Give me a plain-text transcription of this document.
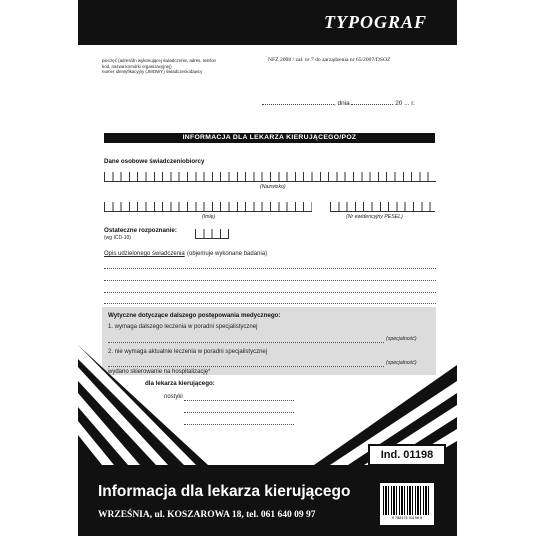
TYPOGRAF
pieczęć (adres/dn wykonującej świadczenie, adres, telefon
kod, nazwa komórki organizacyjnej)
numer identyfikacyjny (JMOWY) świadczeniodawcy
NFZ 2008 / zał. nr 7 do zarządzenia nr 65/2007/DSOZ
, dnia	20 ... r.
INFORMACJA DLA LEKARZA KIERUJĄCEGO/POZ
Dane osobowe świadczeniobiorcy
(Nazwisko)
(Imię)	(Nr ewidencyjny PESEL)
Ostateczne rozpoznanie:
(wg ICD-10)
Opis udzielonego świadczenia (objemuje wykonane badania)
Wytyczne dotyczące dalszego postępowania medycznego:
1. wymaga dalszego leczenia w poradni specjalistycznej
(specjalność)
2. nie wymaga aktualnie leczenia w poradni specjalistycznej
(specjalność)
wydano skierowanie na hospitalizację*
dla lekarza kierującego:
nostyki
Ind. 01198
Informacja dla lekarza kierującego
WRZEŚNIA, ul. KOSZAROWA 18, tel. 061 640 09 97	9 788174 01198 9
